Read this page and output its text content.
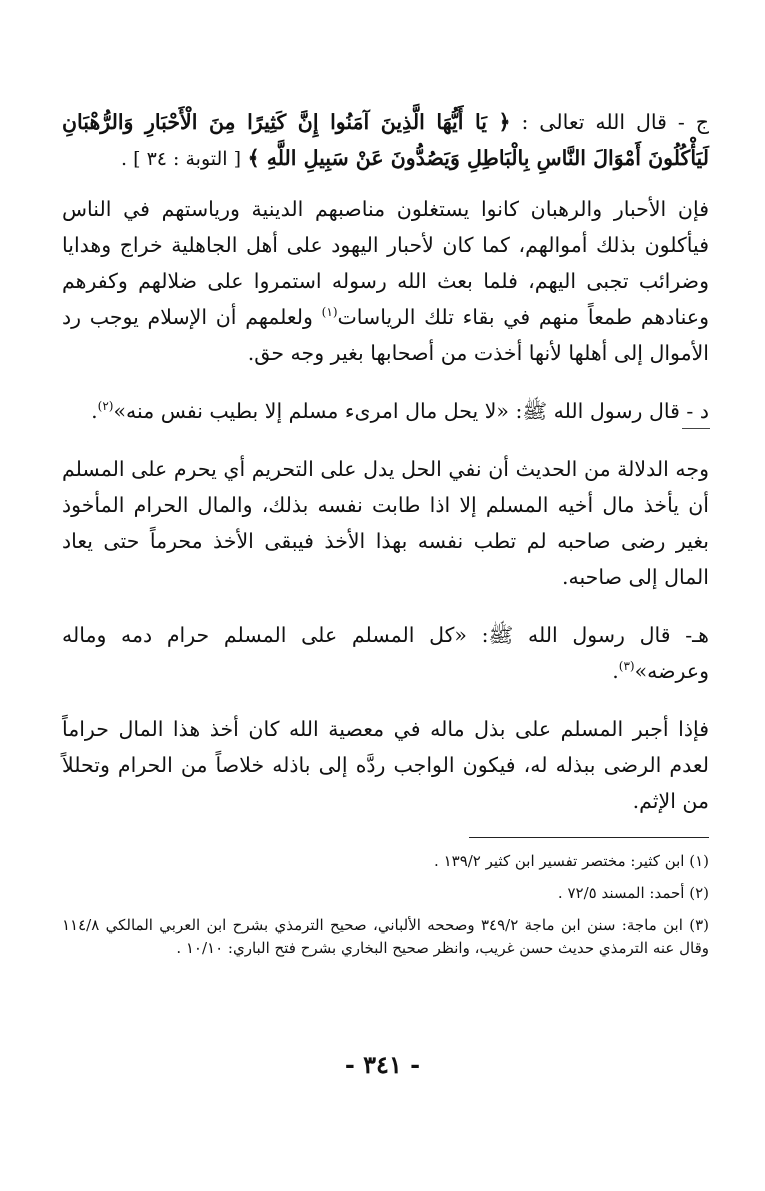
ج - قال الله تعالى : ﴿ يَا أَيُّهَا الَّذِينَ آمَنُوا إِنَّ كَثِيرًا مِنَ الْأَحْبَارِ وَالرُّهْبَانِ لَيَأْكُلُونَ أَمْوَالَ النَّاسِ بِالْبَاطِلِ وَيَصُدُّونَ عَنْ سَبِيلِ اللَّهِ ﴾ [ التوبة : ٣٤ ] .

فإن الأحبار والرهبان كانوا يستغلون مناصبهم الدينية ورياستهم في الناس فيأكلون بذلك أموالهم، كما كان لأحبار اليهود على أهل الجاهلية خراج وهدايا وضرائب تجبى اليهم، فلما بعث الله رسوله استمروا على ضلالهم وكفرهم وعنادهم طمعاً منهم في بقاء تلك الرياسات$^{(١)}$ ولعلمهم أن الإسلام يوجب رد الأموال إلى أهلها لأنها أخذت من أصحابها بغير وجه حق.

د - قال رسول الله ﷺ: «لا يحل مال امرىء مسلم إلا بطيب نفس منه»$^{(٢)}$.

وجه الدلالة من الحديث أن نفي الحل يدل على التحريم أي يحرم على المسلم أن يأخذ مال أخيه المسلم إلا اذا طابت نفسه بذلك، والمال الحرام المأخوذ بغير رضى صاحبه لم تطب نفسه بهذا الأخذ فيبقى الأخذ محرماً حتى يعاد المال إلى صاحبه.

هـ- قال رسول الله ﷺ: «كل المسلم على المسلم حرام دمه وماله وعرضه»$^{(٣)}$.

فإذا أجبر المسلم على بذل ماله في معصية الله كان أخذ هذا المال حراماً لعدم الرضى ببذله له، فيكون الواجب ردَّه إلى باذله خلاصاً من الحرام وتحللاً من الإثم.

(١) ابن كثير: مختصر تفسير ابن كثير ١٣٩/٢ .

(٢) أحمد: المسند ٧٢/٥ .

(٣) ابن ماجة: سنن ابن ماجة ٣٤٩/٢ وصححه الألباني، صحيح الترمذي بشرح ابن العربي المالكي ١١٤/٨ وقال عنه الترمذي حديث حسن غريب، وانظر صحيح البخاري بشرح فتح الباري: ١٠/١٠ .

- ٣٤١ -
